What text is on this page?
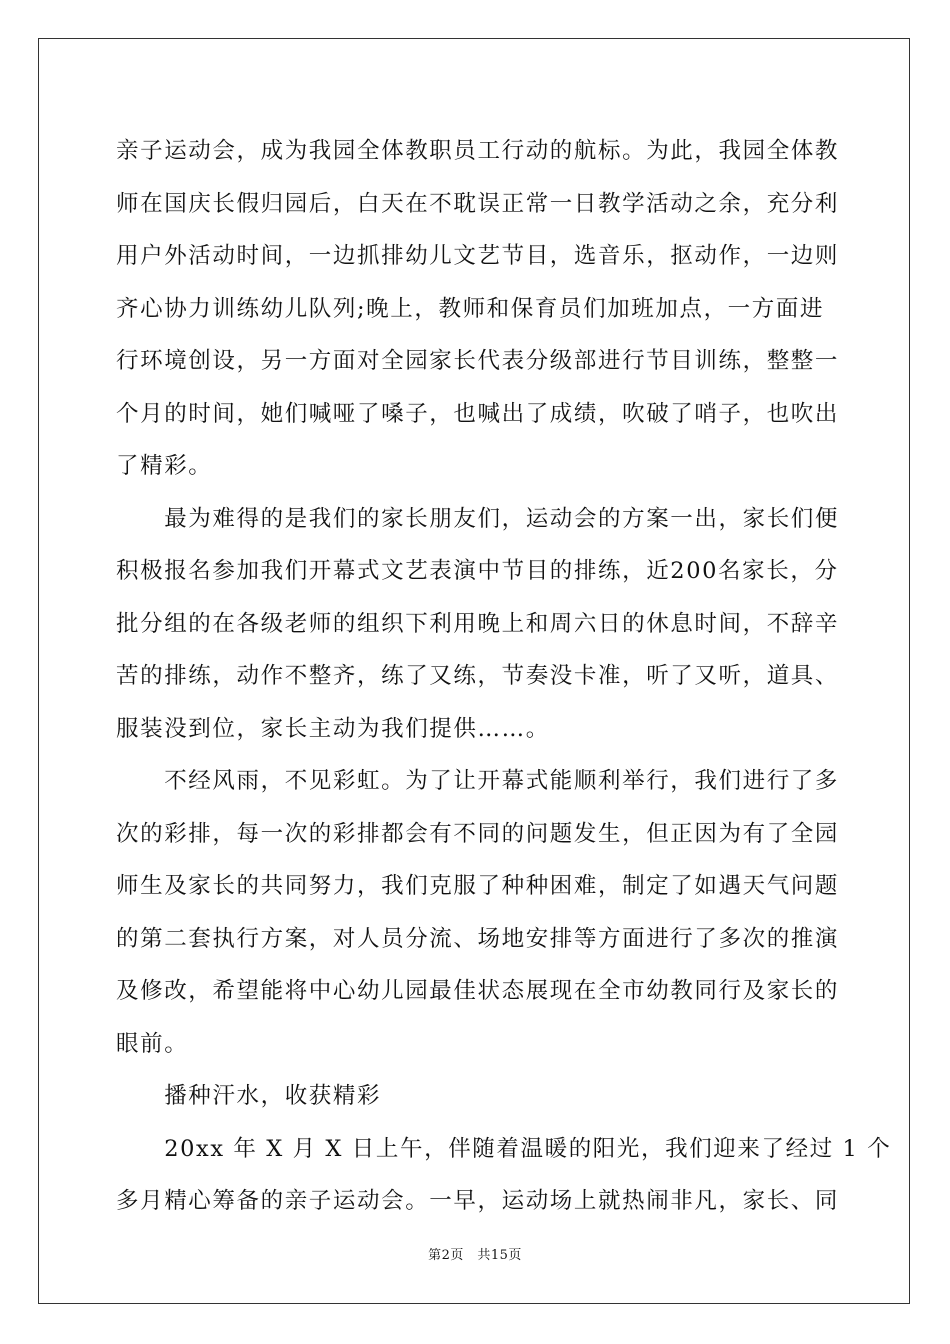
亲子运动会，成为我园全体教职员工行动的航标。为此，我园全体教
师在国庆长假归园后，白天在不耽误正常一日教学活动之余，充分利
用户外活动时间，一边抓排幼儿文艺节目，选音乐，抠动作，一边则
齐心协力训练幼儿队列;晚上，教师和保育员们加班加点，一方面进
行环境创设，另一方面对全园家长代表分级部进行节目训练，整整一
个月的时间，她们喊哑了嗓子，也喊出了成绩，吹破了哨子，也吹出
了精彩。
　　最为难得的是我们的家长朋友们，运动会的方案一出，家长们便
积极报名参加我们开幕式文艺表演中节目的排练，近200名家长，分
批分组的在各级老师的组织下利用晚上和周六日的休息时间，不辞辛
苦的排练，动作不整齐，练了又练，节奏没卡准，听了又听，道具、
服装没到位，家长主动为我们提供……。
　　不经风雨，不见彩虹。为了让开幕式能顺利举行，我们进行了多
次的彩排，每一次的彩排都会有不同的问题发生，但正因为有了全园
师生及家长的共同努力，我们克服了种种困难，制定了如遇天气问题
的第二套执行方案，对人员分流、场地安排等方面进行了多次的推演
及修改，希望能将中心幼儿园最佳状态展现在全市幼教同行及家长的
眼前。
　　播种汗水，收获精彩
　　20xx 年 X 月 X 日上午，伴随着温暖的阳光，我们迎来了经过 1 个
多月精心筹备的亲子运动会。一早，运动场上就热闹非凡，家长、同
第2页　共15页
